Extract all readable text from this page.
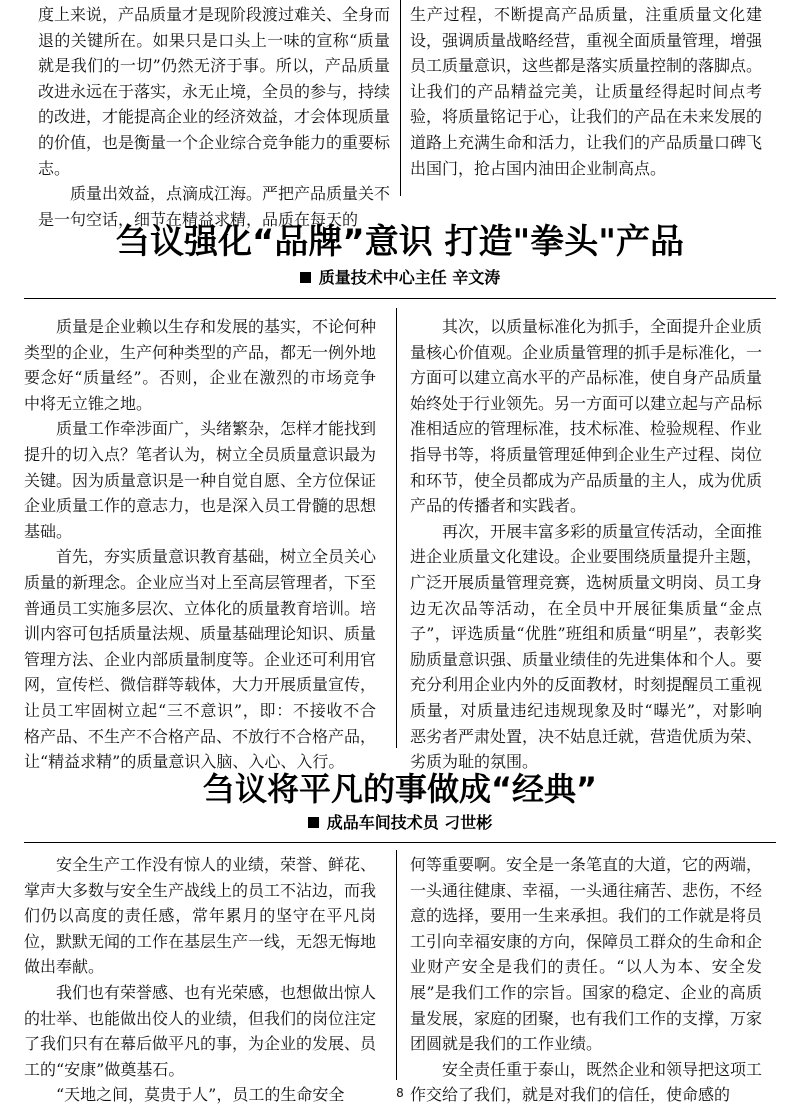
度上来说，产品质量才是现阶段渡过难关、全身而退的关键所在。如果只是口头上一味的宣称“质量就是我们的一切”仍然无济于事。所以，产品质量改进永远在于落实，永无止境，全员的参与，持续的改进，才能提高企业的经济效益，才会体现质量的价值，也是衡量一个企业综合竞争能力的重要标志。

质量出效益，点滴成江海。严把产品质量关不是一句空话，细节在精益求精，品质在每天的

生产过程，不断提高产品质量，注重质量文化建设，强调质量战略经营，重视全面质量管理，增强员工质量意识，这些都是落实质量控制的落脚点。让我们的产品精益完美，让质量经得起时间点考验，将质量铭记于心，让我们的产品在未来发展的道路上充满生命和活力，让我们的产品质量口碑飞出国门，抢占国内油田企业制高点。

刍议强化“品牌”意识 打造"拳头"产品
质量技术中心主任 辛文涛

质量是企业赖以生存和发展的基实，不论何种类型的企业，生产何种类型的产品，都无一例外地要念好“质量经”。否则，企业在激烈的市场竞争中将无立锥之地。

质量工作牵涉面广，头绪繁杂，怎样才能找到提升的切入点？笔者认为，树立全员质量意识最为关键。因为质量意识是一种自觉自愿、全方位保证企业质量工作的意志力，也是深入员工骨髓的思想基础。

首先，夯实质量意识教育基础，树立全员关心质量的新理念。企业应当对上至高层管理者，下至普通员工实施多层次、立体化的质量教育培训。培训内容可包括质量法规、质量基础理论知识、质量管理方法、企业内部质量制度等。企业还可利用官网，宣传栏、微信群等载体，大力开展质量宣传，让员工牢固树立起“三不意识”，即：不接收不合格产品、不生产不合格产品、不放行不合格产品，让“精益求精”的质量意识入脑、入心、入行。

其次，以质量标准化为抓手，全面提升企业质量核心价值观。企业质量管理的抓手是标准化，一方面可以建立高水平的产品标准，使自身产品质量始终处于行业领先。另一方面可以建立起与产品标准相适应的管理标准，技术标准、检验规程、作业指导书等，将质量管理延伸到企业生产过程、岗位和环节，使全员都成为产品质量的主人，成为优质产品的传播者和实践者。

再次，开展丰富多彩的质量宣传活动，全面推进企业质量文化建设。企业要围绕质量提升主题，广泛开展质量管理竞赛，选树质量文明岗、员工身边无次品等活动，在全员中开展征集质量“金点子”，评选质量“优胜”班组和质量“明星”，表彰奖励质量意识强、质量业绩佳的先进集体和个人。要充分利用企业内外的反面教材，时刻提醒员工重视质量，对质量违纪违规现象及时“曝光”，对影响恶劣者严肃处置，决不姑息迁就，营造优质为荣、劣质为耻的氛围。

刍议将平凡的事做成“经典”
成品车间技术员 刁世彬

安全生产工作没有惊人的业绩，荣誉、鲜花、掌声大多数与安全生产战线上的员工不沾边，而我们仍以高度的责任感，常年累月的坚守在平凡岗位，默默无闻的工作在基层生产一线，无怨无悔地做出奉献。

我们也有荣誉感、也有光荣感，也想做出惊人的壮举、也能做出佼人的业绩，但我们的岗位注定了我们只有在幕后做平凡的事，为企业的发展、员工的“安康”做奠基石。

“天地之间，莫贵于人”，员工的生命安全

何等重要啊。安全是一条笔直的大道，它的两端，一头通往健康、幸福，一头通往痛苦、悲伤，不经意的选择，要用一生来承担。我们的工作就是将员工引向幸福安康的方向，保障员工群众的生命和企业财产安全是我们的责任。“以人为本、安全发展”是我们工作的宗旨。国家的稳定、企业的高质量发展，家庭的团聚，也有我们工作的支撑，万家团圆就是我们的工作业绩。

安全责任重于泰山，既然企业和领导把这项工作交给了我们，就是对我们的信任，使命感的

8
